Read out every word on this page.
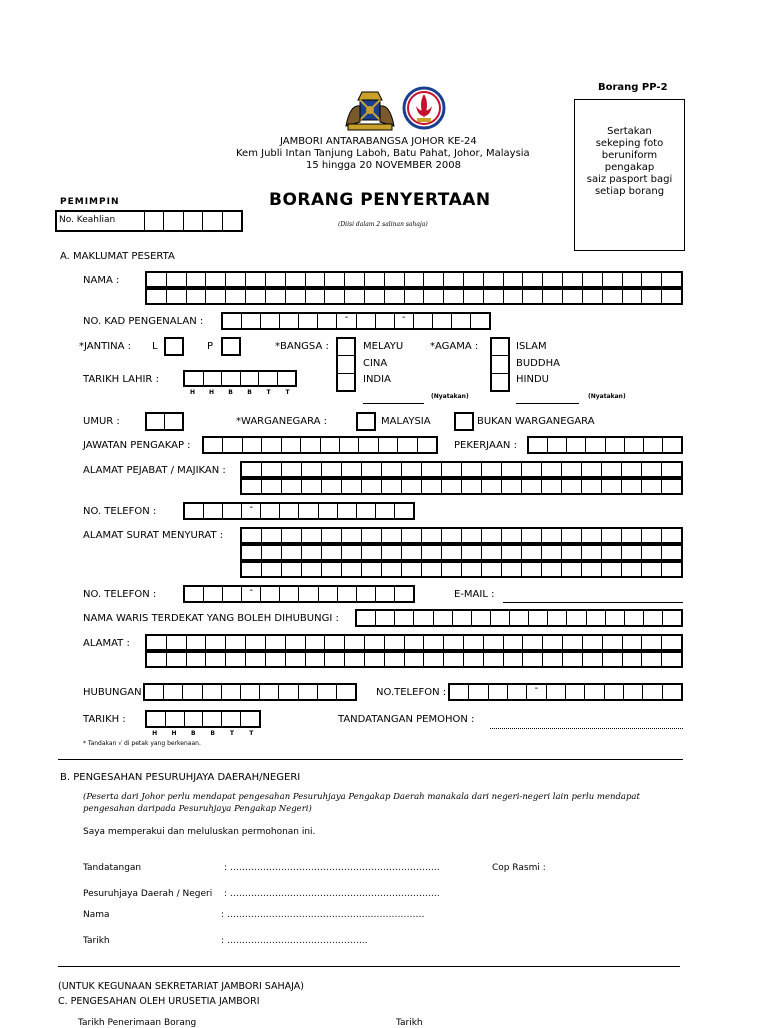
Borang PP-2
Sertakan
sekeping foto
beruniform
pengakap
saiz pasport bagi
setiap borang
JAMBORI ANTARABANGSA JOHOR KE-24
Kem Jubli Intan Tanjung Laboh, Batu Pahat, Johor, Malaysia
15 hingga 20 NOVEMBER 2008
PEMIMPIN	BORANG PENYERTAAN
(Diisi dalam 2 salinan sahaja)
No. Keahlian
A. MAKLUMAT PESERTA
NAMA :
NO. KAD PENGENALAN :
-
-
*JANTINA : L	P	*BANGSA :	MELAYU
CINA
INDIA
(Nyatakan)
*AGAMA :	ISLAM
BUDDHA
HINDU
(Nyatakan)
TARIKH LAHIR :
H	H	B	B	T	T
UMUR :	*WARGANEGARA :	MALAYSIA	BUKAN WARGANEGARA
JAWATAN PENGAKAP :	PEKERJAAN :
ALAMAT PEJABAT / MAJIKAN :
NO. TELEFON :
-
ALAMAT SURAT MENYURAT :
NO. TELEFON :
-	E-MAIL :
NAMA WARIS TERDEKAT YANG BOLEH DIHUBUNGI :
ALAMAT :
HUBUNGAN	NO.TELEFON :
-
TARIKH :
H	H	B	B	T	T
TANDATANGAN PEMOHON :
* Tandakan √ di petak yang berkenaan.
B. PENGESAHAN PESURUHJAYA DAERAH/NEGERI
(Peserta dari Johor perlu mendapat pengesahan Pesuruhjaya Pengakap Daerah manakala dari negeri-negeri lain perlu mendapat pengesahan daripada Pesuruhjaya Pengakap Negeri)
Saya memperakui dan meluluskan permohonan ini.
Tandatangan	: …………………………………………………………….	Cop Rasmi :
Pesuruhjaya Daerah / Negeri : …………………………………………………………….
Nama	: ………….……………………………..………………
Tarikh	: ………………………………………..
(UNTUK KEGUNAAN SEKRETARIAT JAMBORI SAHAJA)
C. PENGESAHAN OLEH URUSETIA JAMBORI
Tarikh Penerimaan Borang	Tarikh
